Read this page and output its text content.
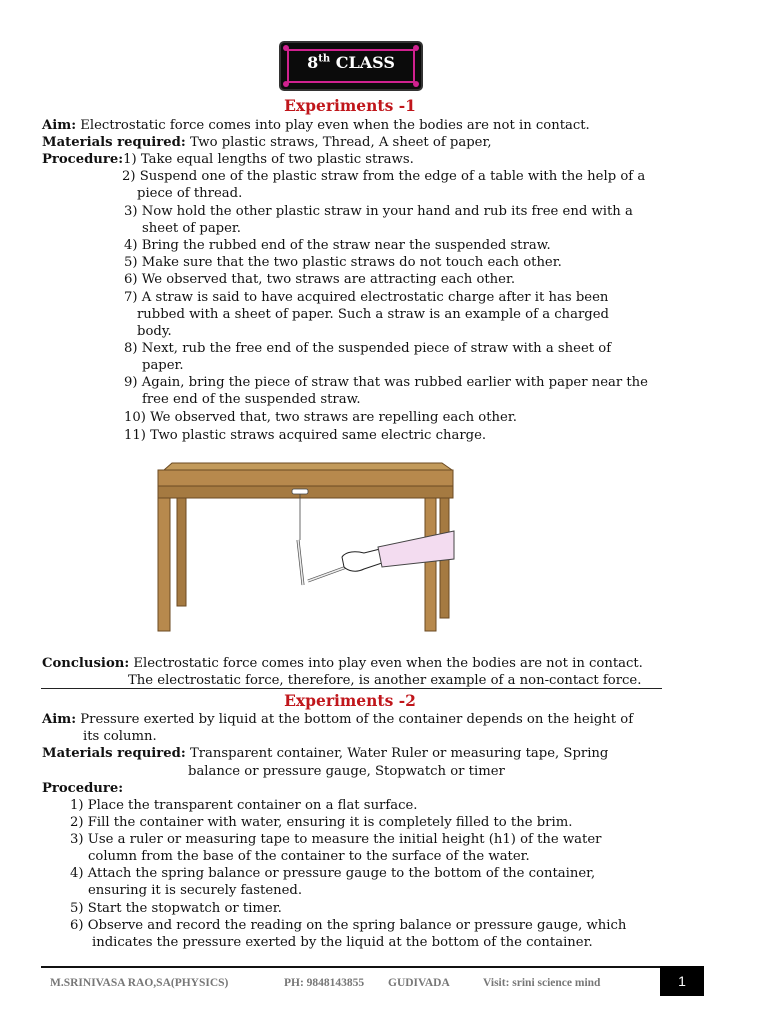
8th CLASS
Experiments -1
Aim: Electrostatic force comes into play even when the bodies are not in contact.
Materials required: Two plastic straws, Thread, A sheet of paper,
Procedure:1) Take equal lengths of two plastic straws.
2) Suspend one of the plastic straw from the edge of a table with the help of a
piece of thread.
3) Now hold the other plastic straw in your hand and rub its free end with a
sheet of paper.
4) Bring the rubbed end of the straw near the suspended straw.
5) Make sure that the two plastic straws do not touch each other.
6) We observed that, two straws are attracting each other.
7) A straw is said to have acquired electrostatic charge after it has been
rubbed with a sheet of paper. Such a straw is an example of a charged
body.
8) Next, rub the free end of the suspended piece of straw with a sheet of
paper.
9) Again, bring the piece of straw that was rubbed earlier with paper near the
free end of the suspended straw.
10) We observed that, two straws are repelling each other.
11) Two plastic straws acquired same electric charge.
Conclusion: Electrostatic force comes into play even when the bodies are not in contact.
The electrostatic force, therefore, is another example of a non-contact force.
Experiments -2
Aim: Pressure exerted by liquid at the bottom of the container depends on the height of
its column.
Materials required: Transparent container, Water Ruler or measuring tape, Spring
balance or pressure gauge, Stopwatch or timer
Procedure:
1) Place the transparent container on a flat surface.
2) Fill the container with water, ensuring it is completely filled to the brim.
3) Use a ruler or measuring tape to measure the initial height (h1) of the water
column from the base of the container to the surface of the water.
4) Attach the spring balance or pressure gauge to the bottom of the container,
ensuring it is securely fastened.
5) Start the stopwatch or timer.
6) Observe and record the reading on the spring balance or pressure gauge, which
indicates the pressure exerted by the liquid at the bottom of the container.
M.SRINIVASA RAO,SA(PHYSICS)	PH: 9848143855 GUDIVADA	Visit: srini science mind	1
